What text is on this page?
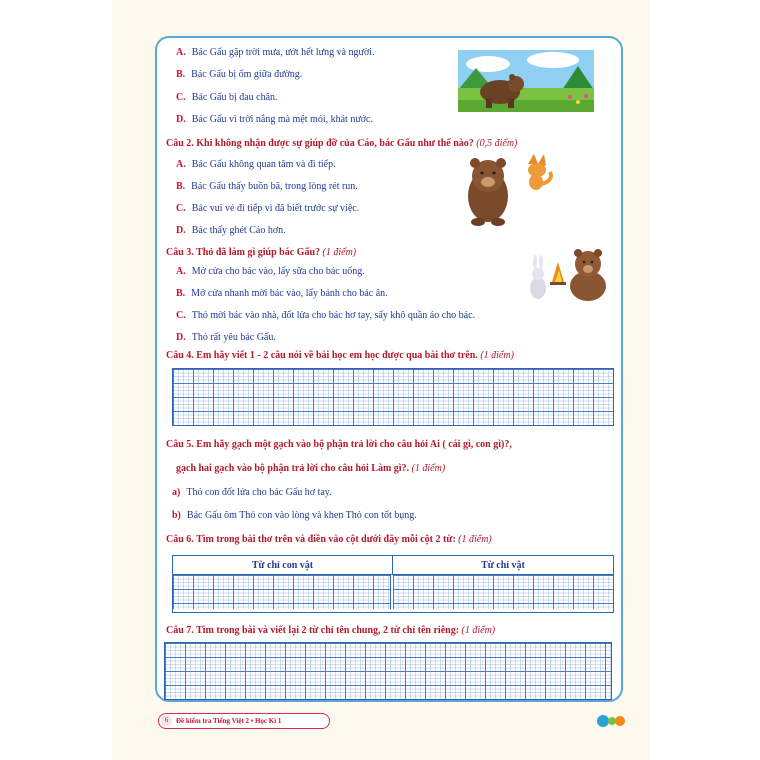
A. Bác Gấu gặp trời mưa, ướt hết lưng và người.
B. Bác Gấu bị ốm giữa đường.
C. Bác Gấu bị đau chân.
D. Bác Gấu vì trời nắng mà mệt mỏi, khát nước.
Câu 2. Khi không nhận được sự giúp đỡ của Cáo, bác Gấu như thế nào? (0,5 điểm)
A. Bác Gấu không quan tâm và đi tiếp.
B. Bác Gấu thấy buồn bã, trong lòng rét run.
C. Bác vui vẻ đi tiếp vì đã biết trước sự việc.
D. Bác thấy ghét Cáo hơn.
Câu 3. Thỏ đã làm gì giúp bác Gấu? (1 điểm)
A. Mở cửa cho bác vào, lấy sữa cho bác uống.
B. Mở cửa nhanh mời bác vào, lấy bánh cho bác ăn.
C. Thỏ mời bác vào nhà, đốt lửa cho bác hơ tay, sấy khô quần áo cho bác.
D. Thỏ rất yêu bác Gấu.
Câu 4. Em hãy viết 1 - 2 câu nói về bài học em học được qua bài thơ trên. (1 điểm)
Câu 5. Em hãy gạch một gạch vào bộ phận trả lời cho câu hỏi Ai ( cái gì, con gì)?,
gạch hai gạch vào bộ phận trả lời cho câu hỏi Làm gì?. (1 điểm)
a) Thỏ con đốt lửa cho bác Gấu hơ tay.
b) Bác Gấu ôm Thỏ con vào lòng và khen Thỏ con tốt bụng.
Câu 6. Tìm trong bài thơ trên và điền vào cột dưới đây mỗi cột 2 từ: (1 điểm)
Từ chỉ con vật	Từ chỉ vật
Câu 7. Tìm trong bài và viết lại 2 từ chỉ tên chung, 2 từ chỉ tên riêng: (1 điểm)
6	Đề kiểm tra Tiếng Việt 2 • Học Kì 1
